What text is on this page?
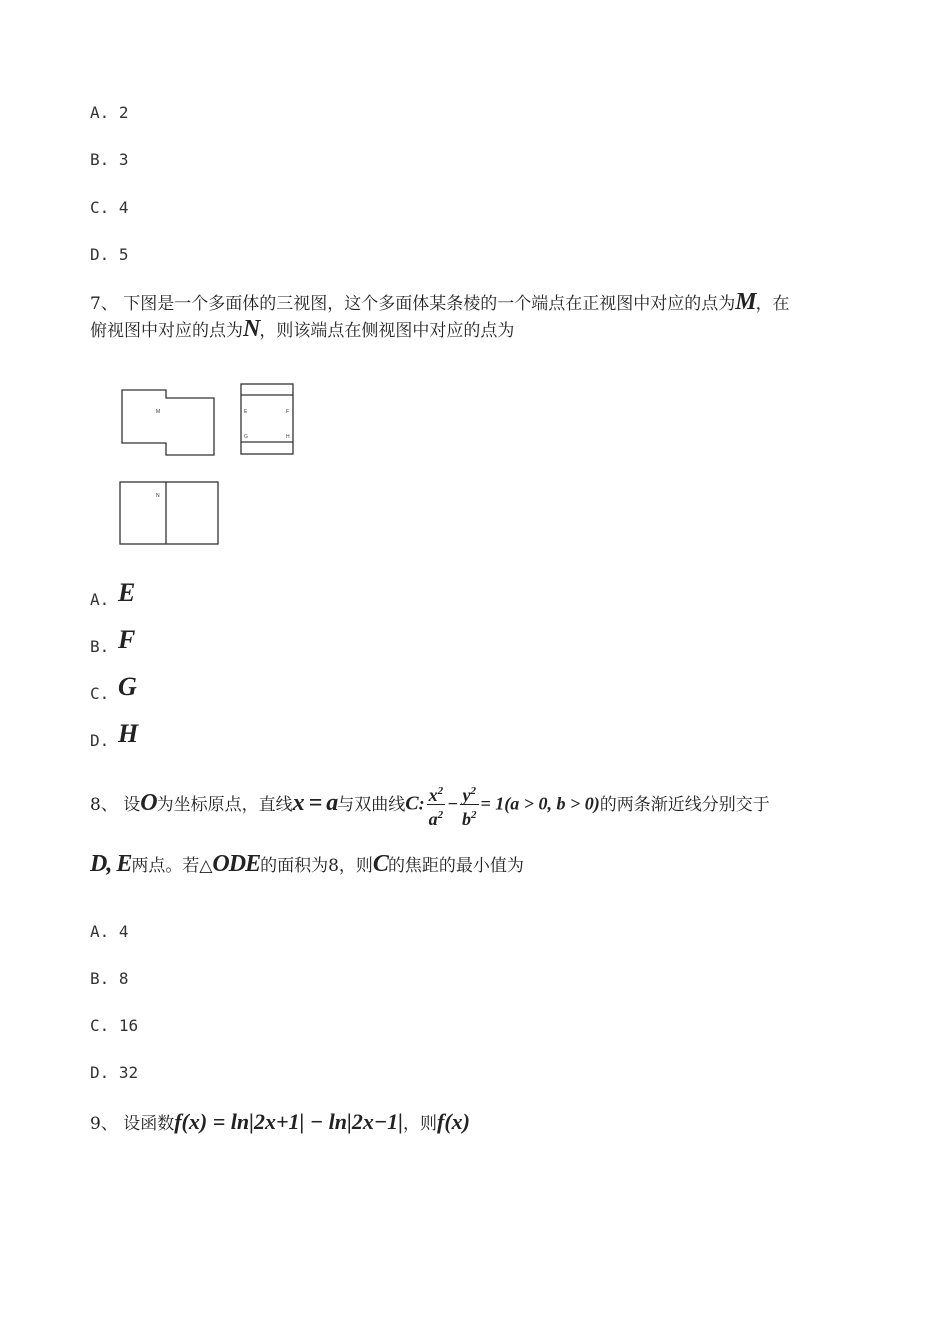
A. 2
B. 3
C. 4
D. 5
7、 下图是一个多面体的三视图，这个多面体某条棱的一个端点在正视图中对应的点为M，在
俯视图中对应的点为N，则该端点在侧视图中对应的点为
M	E	F
G	H
N
A. E
B. F
C. G
D. H
8、 设O为坐标原点，直线x = a与双曲线C: $\frac{x^2}{a^2} - \frac{y^2}{b^2} = 1(a > 0$, b > 0)的两条渐近线分别交于
D, E两点。若△ODE的面积为8，则C的焦距的最小值为
A. 4
B. 8
C. 16
D. 32
9、 设函数f(x) = ln|2x+1| − ln|2x−1|，则f(x)
